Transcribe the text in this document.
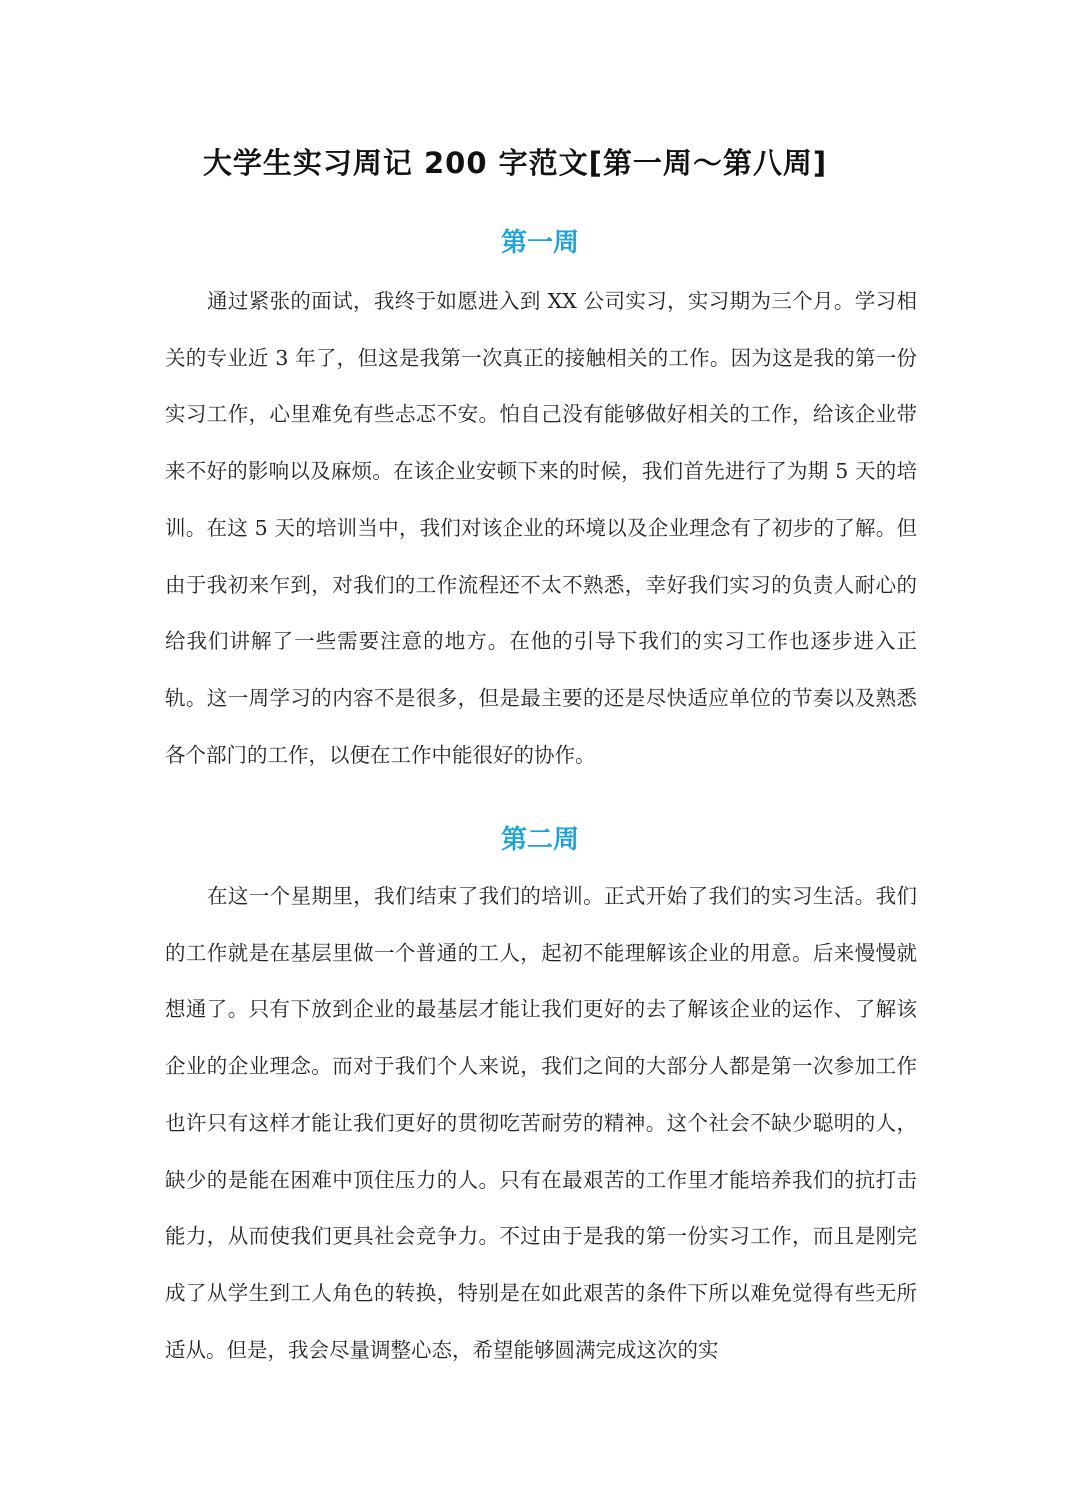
大学生实习周记 200 字范文[第一周～第八周]
第一周

通过紧张的面试，我终于如愿进入到 XX 公司实习，实习期为三个月。学习相关的专业近 3 年了，但这是我第一次真正的接触相关的工作。因为这是我的第一份实习工作，心里难免有些忐忑不安。怕自己没有能够做好相关的工作，给该企业带来不好的影响以及麻烦。在该企业安顿下来的时候，我们首先进行了为期 5 天的培训。在这 5 天的培训当中，我们对该企业的环境以及企业理念有了初步的了解。但由于我初来乍到，对我们的工作流程还不太不熟悉，幸好我们实习的负责人耐心的给我们讲解了一些需要注意的地方。在他的引导下我们的实习工作也逐步进入正轨。这一周学习的内容不是很多，但是最主要的还是尽快适应单位的节奏以及熟悉各个部门的工作，以便在工作中能很好的协作。

第二周

在这一个星期里，我们结束了我们的培训。正式开始了我们的实习生活。我们的工作就是在基层里做一个普通的工人，起初不能理解该企业的用意。后来慢慢就想通了。只有下放到企业的最基层才能让我们更好的去了解该企业的运作、了解该企业的企业理念。而对于我们个人来说，我们之间的大部分人都是第一次参加工作也许只有这样才能让我们更好的贯彻吃苦耐劳的精神。这个社会不缺少聪明的人，缺少的是能在困难中顶住压力的人。只有在最艰苦的工作里才能培养我们的抗打击能力，从而使我们更具社会竞争力。不过由于是我的第一份实习工作，而且是刚完成了从学生到工人角色的转换，特别是在如此艰苦的条件下所以难免觉得有些无所适从。但是，我会尽量调整心态，希望能够圆满完成这次的实
